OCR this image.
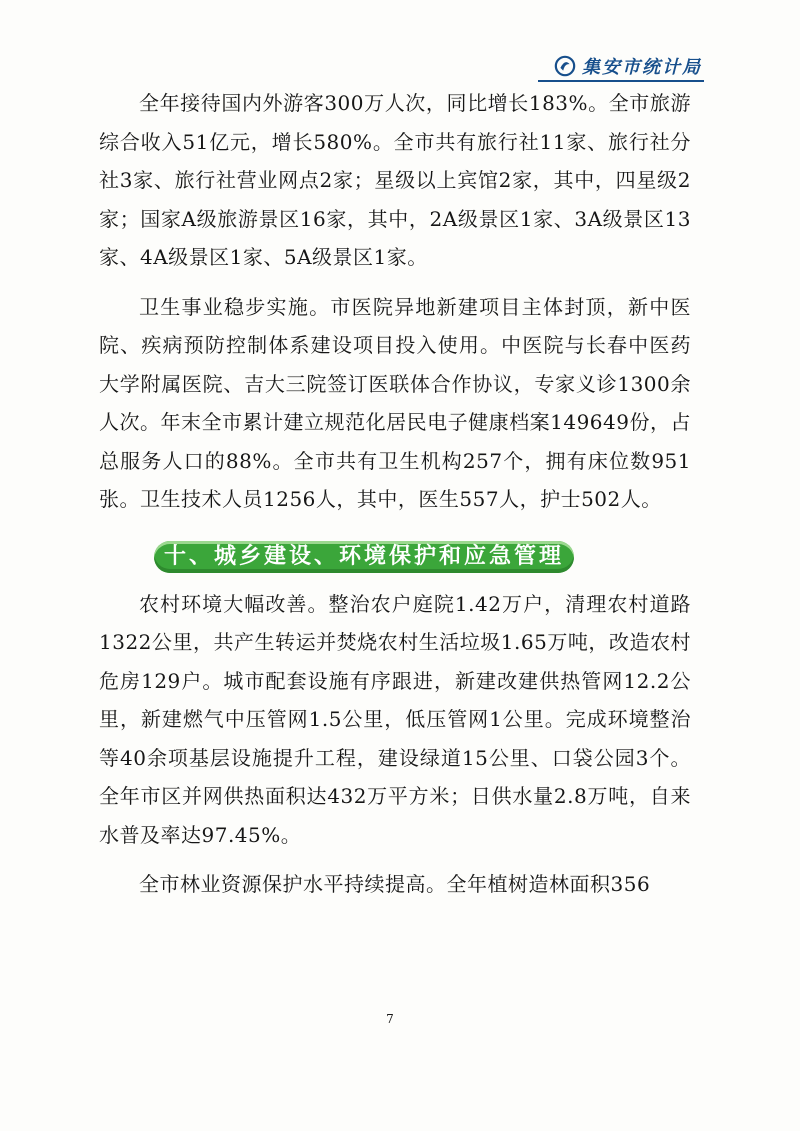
集安市统计局

全年接待国内外游客300万人次，同比增长183%。全市旅游综合收入51亿元，增长580%。全市共有旅行社11家、旅行社分社3家、旅行社营业网点2家；星级以上宾馆2家，其中，四星级2家；国家A级旅游景区16家，其中，2A级景区1家、3A级景区13家、4A级景区1家、5A级景区1家。

卫生事业稳步实施。市医院异地新建项目主体封顶，新中医院、疾病预防控制体系建设项目投入使用。中医院与长春中医药大学附属医院、吉大三院签订医联体合作协议，专家义诊1300余人次。年末全市累计建立规范化居民电子健康档案149649份，占总服务人口的88%。全市共有卫生机构257个，拥有床位数951张。卫生技术人员1256人，其中，医生557人，护士502人。

十、城乡建设、环境保护和应急管理

农村环境大幅改善。整治农户庭院1.42万户，清理农村道路1322公里，共产生转运并焚烧农村生活垃圾1.65万吨，改造农村危房129户。城市配套设施有序跟进，新建改建供热管网12.2公里，新建燃气中压管网1.5公里，低压管网1公里。完成环境整治等40余项基层设施提升工程，建设绿道15公里、口袋公园3个。全年市区并网供热面积达432万平方米；日供水量2.8万吨，自来水普及率达97.45%。

全市林业资源保护水平持续提高。全年植树造林面积356

7
